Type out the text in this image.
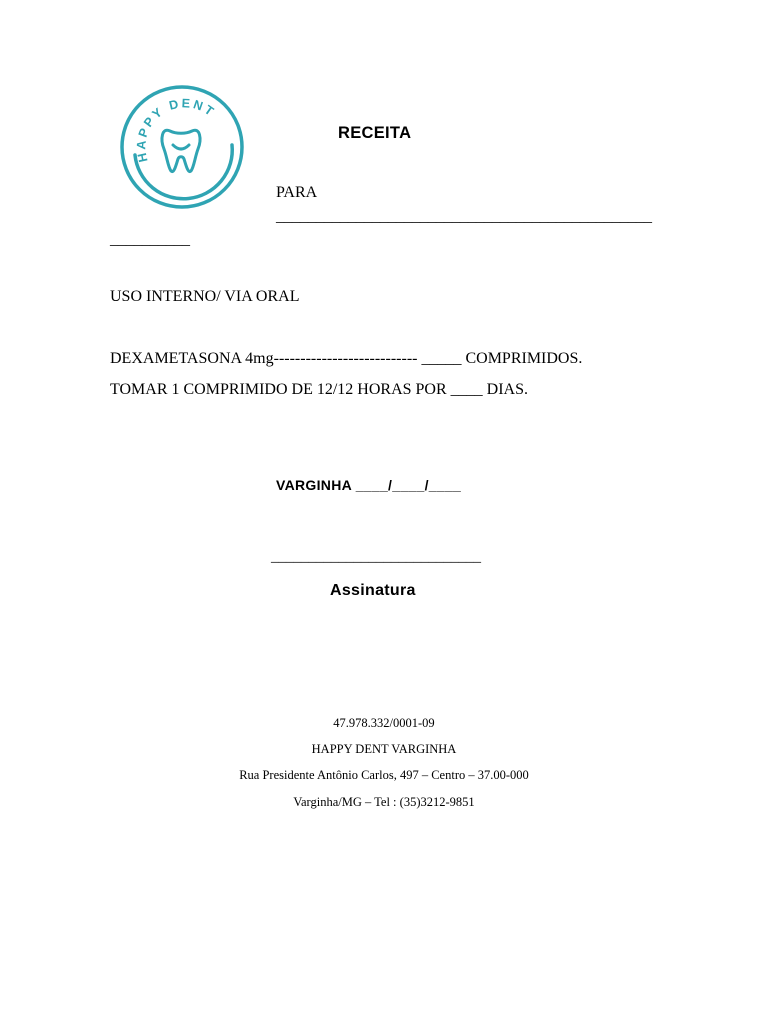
HAPPY DENT
RECEITA
PARA
_______________________________________________
__________
USO INTERNO/ VIA ORAL
DEXAMETASONA 4mg--------------------------- _____ COMPRIMIDOS.
TOMAR 1 COMPRIMIDO DE 12/12 HORAS POR ____ DIAS.
VARGINHA ____/____/____
____________________________
Assinatura
47.978.332/0001-09
HAPPY DENT VARGINHA
Rua Presidente Antônio Carlos, 497 – Centro – 37.00-000
Varginha/MG – Tel : (35)3212-9851
